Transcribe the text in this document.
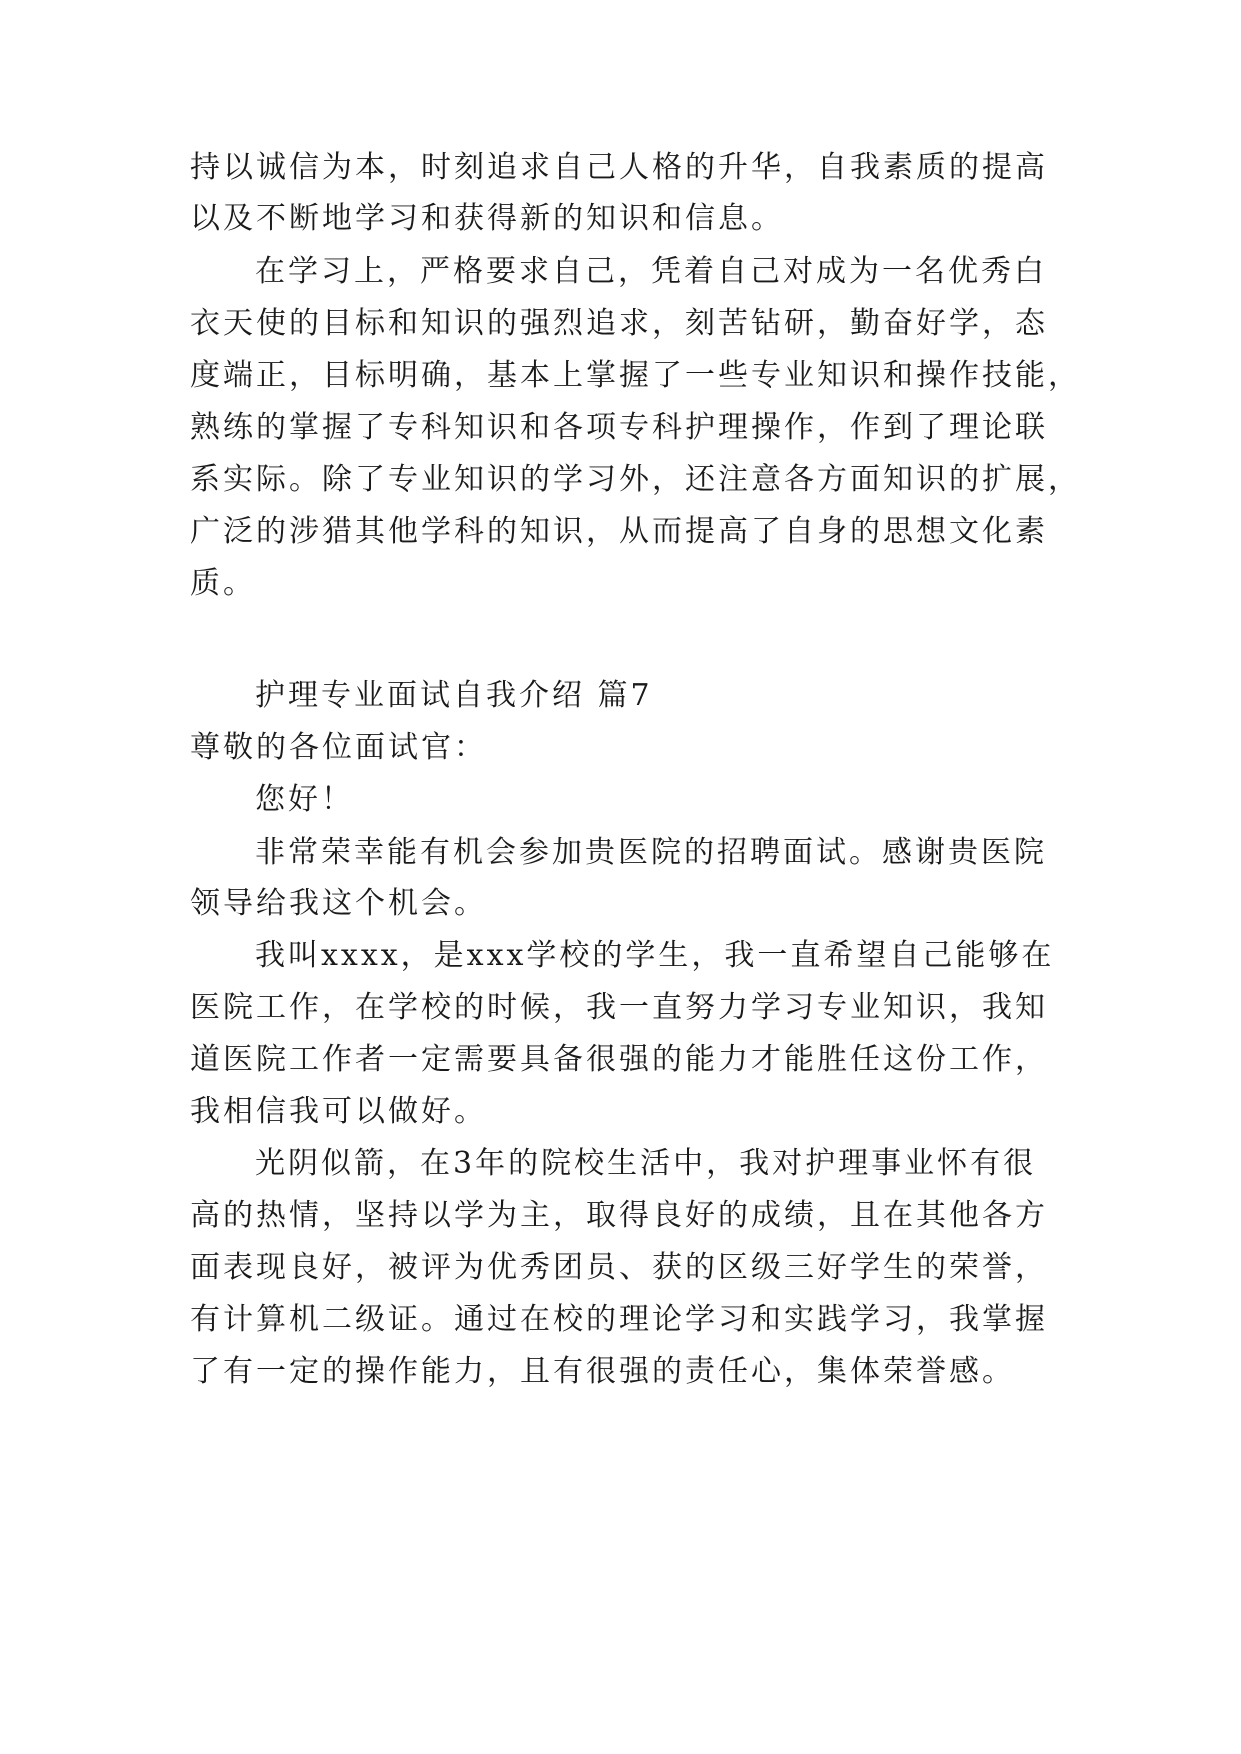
持以诚信为本，时刻追求自己人格的升华，自我素质的提高

以及不断地学习和获得新的知识和信息。

在学习上，严格要求自己，凭着自己对成为一名优秀白

衣天使的目标和知识的强烈追求，刻苦钻研，勤奋好学，态

度端正，目标明确，基本上掌握了一些专业知识和操作技能，

熟练的掌握了专科知识和各项专科护理操作，作到了理论联

系实际。除了专业知识的学习外，还注意各方面知识的扩展，

广泛的涉猎其他学科的知识，从而提高了自身的思想文化素

质。

护理专业面试自我介绍 篇7

尊敬的各位面试官：

您好！

非常荣幸能有机会参加贵医院的招聘面试。感谢贵医院

领导给我这个机会。

我叫xxxx，是xxx学校的学生，我一直希望自己能够在

医院工作，在学校的时候，我一直努力学习专业知识，我知

道医院工作者一定需要具备很强的能力才能胜任这份工作，

我相信我可以做好。

光阴似箭，在3年的院校生活中，我对护理事业怀有很

高的热情，坚持以学为主，取得良好的成绩，且在其他各方

面表现良好，被评为优秀团员、获的区级三好学生的荣誉，

有计算机二级证。通过在校的理论学习和实践学习，我掌握

了有一定的操作能力，且有很强的责任心，集体荣誉感。
